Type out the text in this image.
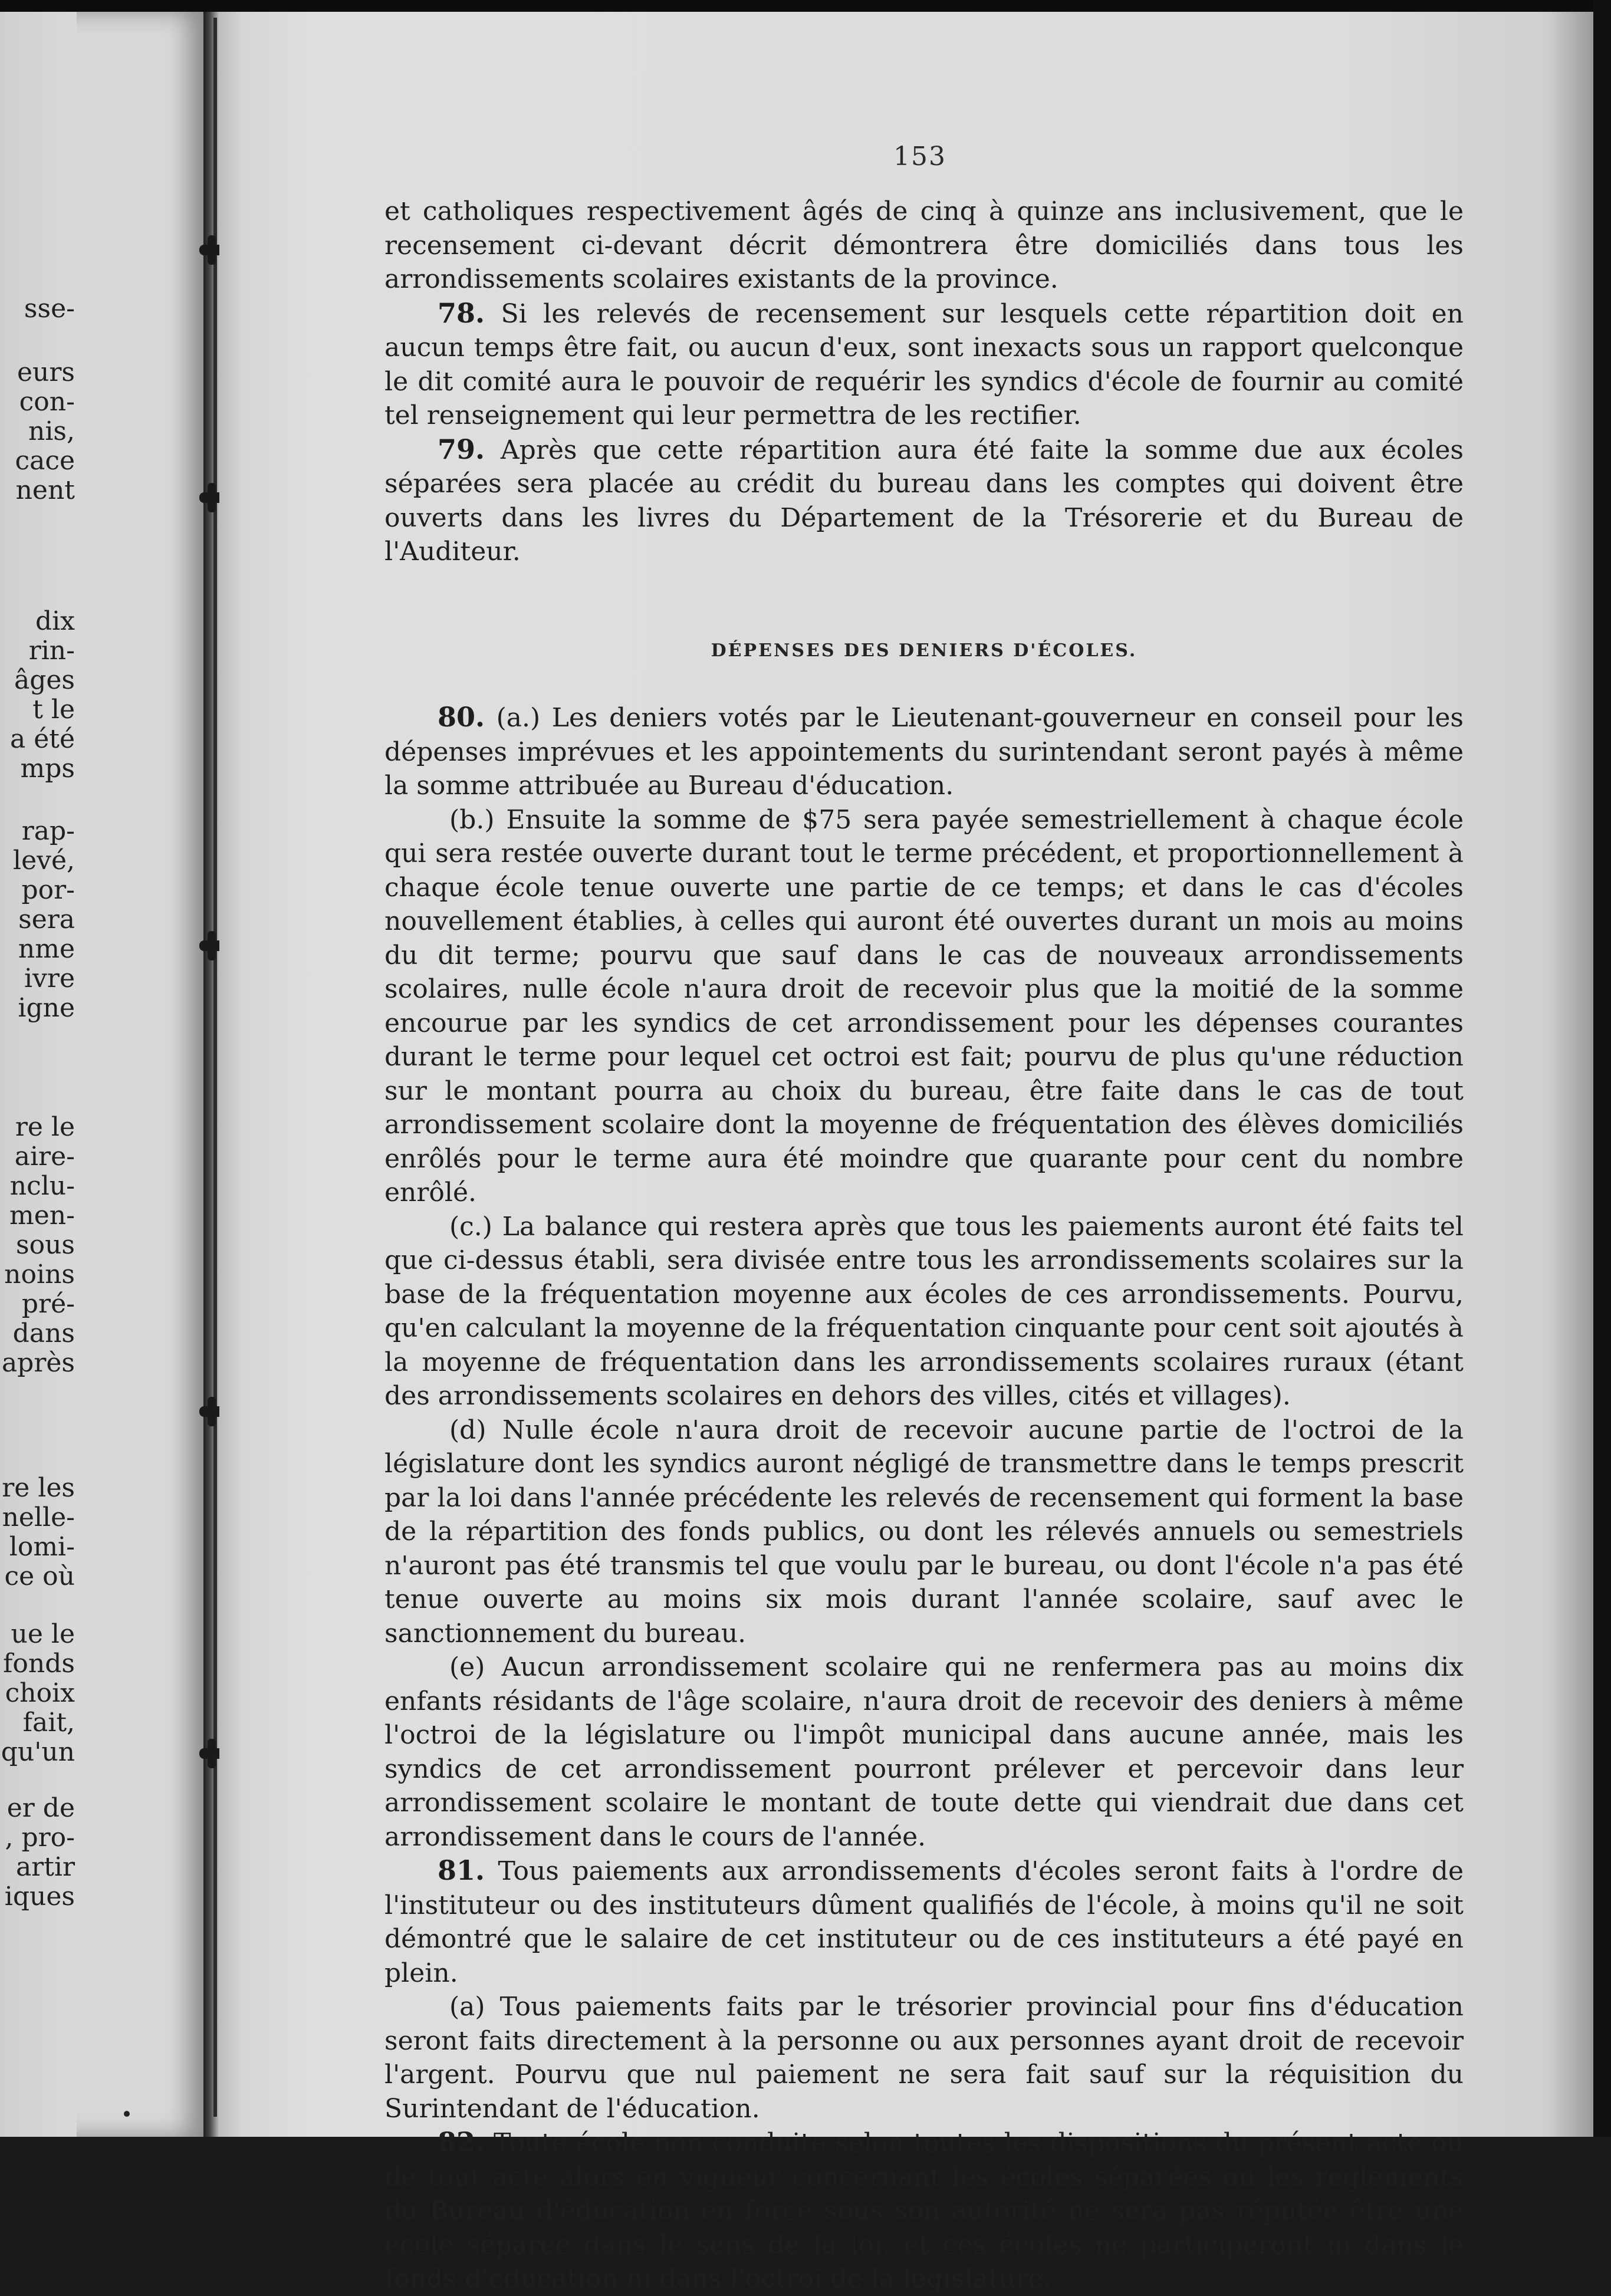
sse-
eurs
con-
nis,
cace
nent
dix
rin-
âges
t le
a été
mps
rap-
levé,
por-
sera
nme
ivre
igne
re le
aire-
nclu-
men-
sous
noins
pré-
dans
après
re les
nelle-
lomi-
ce où
ue le
fonds
choix
fait,
qu'un
er de
, pro-
artir
iques
153

et catholiques respectivement âgés de cinq à quinze ans inclusivement, que le recensement ci-devant décrit démontrera être domiciliés dans tous les arrondissements scolaires existants de la province.

78. Si les relevés de recensement sur lesquels cette répartition doit en aucun temps être fait, ou aucun d'eux, sont inexacts sous un rapport quelconque le dit comité aura le pouvoir de requérir les syndics d'école de fournir au comité tel renseignement qui leur permettra de les rectifier.

79. Après que cette répartition aura été faite la somme due aux écoles séparées sera placée au crédit du bureau dans les comptes qui doivent être ouverts dans les livres du Département de la Trésorerie et du Bureau de l'Auditeur.

DÉPENSES DES DENIERS D'ÉCOLES.

80. (a.) Les deniers votés par le Lieutenant-gouverneur en conseil pour les dépenses imprévues et les appointements du surintendant seront payés à même la somme attribuée au Bureau d'éducation.

(b.) Ensuite la somme de $75 sera payée semestriellement à chaque école qui sera restée ouverte durant tout le terme précédent, et proportionnellement à chaque école tenue ouverte une partie de ce temps; et dans le cas d'écoles nouvellement établies, à celles qui auront été ouvertes durant un mois au moins du dit terme; pourvu que sauf dans le cas de nouveaux arrondissements scolaires, nulle école n'aura droit de recevoir plus que la moitié de la somme encourue par les syndics de cet arrondissement pour les dépenses courantes durant le terme pour lequel cet octroi est fait; pourvu de plus qu'une réduction sur le montant pourra au choix du bureau, être faite dans le cas de tout arrondissement scolaire dont la moyenne de fréquentation des élèves domiciliés enrôlés pour le terme aura été moindre que quarante pour cent du nombre enrôlé.

(c.) La balance qui restera après que tous les paiements auront été faits tel que ci-dessus établi, sera divisée entre tous les arrondissements scolaires sur la base de la fréquentation moyenne aux écoles de ces arrondissements. Pourvu, qu'en calculant la moyenne de la fréquentation cinquante pour cent soit ajoutés à la moyenne de fréquentation dans les arrondissements scolaires ruraux (étant des arrondissements scolaires en dehors des villes, cités et villages).

(d) Nulle école n'aura droit de recevoir aucune partie de l'octroi de la législature dont les syndics auront négligé de transmettre dans le temps prescrit par la loi dans l'année précédente les relevés de recensement qui forment la base de la répartition des fonds publics, ou dont les rélevés annuels ou semestriels n'auront pas été transmis tel que voulu par le bureau, ou dont l'école n'a pas été tenue ouverte au moins six mois durant l'année scolaire, sauf avec le sanctionnement du bureau.

(e) Aucun arrondissement scolaire qui ne renfermera pas au moins dix enfants résidants de l'âge scolaire, n'aura droit de recevoir des deniers à même l'octroi de la législature ou l'impôt municipal dans aucune année, mais les syndics de cet arrondissement pourront prélever et percevoir dans leur arrondissement scolaire le montant de toute dette qui viendrait due dans cet arrondissement dans le cours de l'année.

81. Tous paiements aux arrondissements d'écoles seront faits à l'ordre de l'instituteur ou des instituteurs dûment qualifiés de l'école, à moins qu'il ne soit démontré que le salaire de cet instituteur ou de ces instituteurs a été payé en plein.

(a) Tous paiements faits par le trésorier provincial pour fins d'éducation seront faits directement à la personne ou aux personnes ayant droit de recevoir l'argent. Pourvu que nul paiement ne sera fait sauf sur la réquisition du Surintendant de l'éducation.

82. Toute école non conduite selon toutes les dispositions du présent acte ou de tout acte alors en vigueur concernant les écoles séparées ou les règlements du Bureau d'éducation en force sous son autorité ne sera pas réputée être une école séparée dans le sens de la loi, et ces écoles ne participeront ni dans le fonds d'éducation ni dans l'octroi de la législature.
